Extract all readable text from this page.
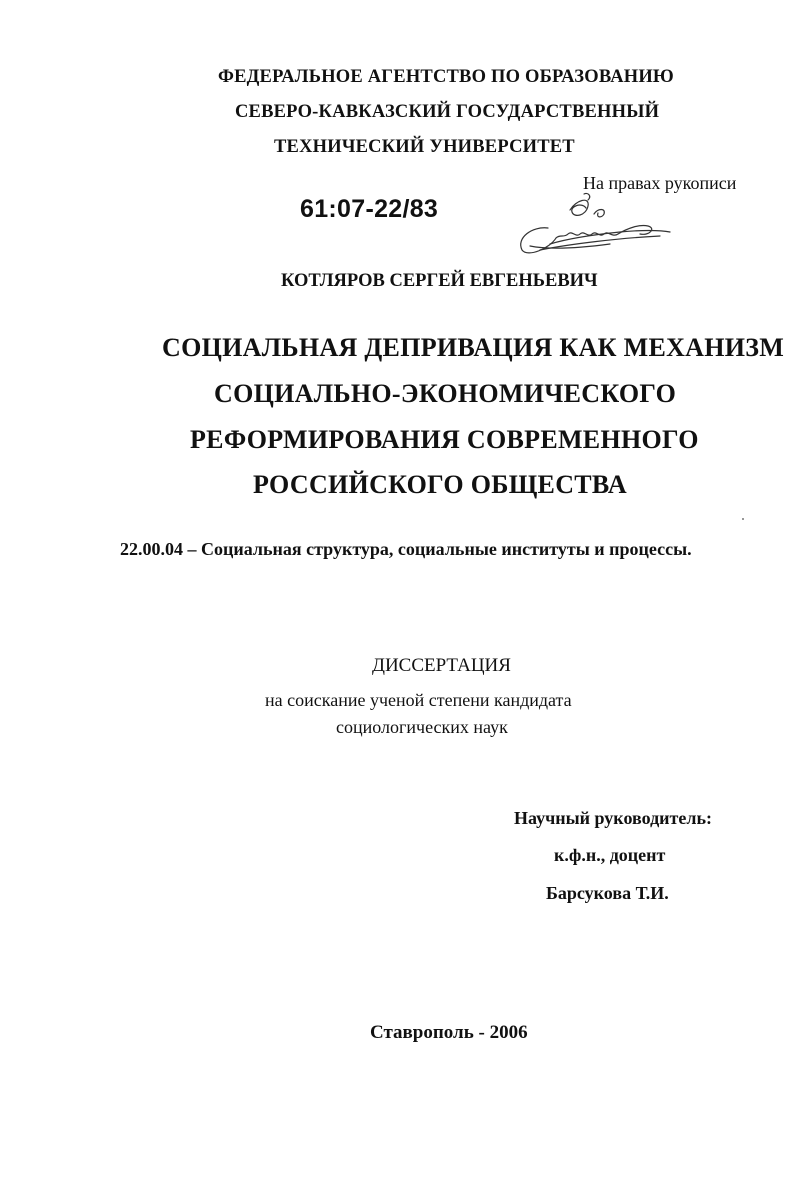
ФЕДЕРАЛЬНОЕ АГЕНТСТВО ПО ОБРАЗОВАНИЮ
СЕВЕРО-КАВКАЗСКИЙ ГОСУДАРСТВЕННЫЙ
ТЕХНИЧЕСКИЙ УНИВЕРСИТЕТ
На правах рукописи
61:07-22/83
КОТЛЯРОВ СЕРГЕЙ ЕВГЕНЬЕВИЧ
СОЦИАЛЬНАЯ ДЕПРИВАЦИЯ КАК МЕХАНИЗМ
СОЦИАЛЬНО-ЭКОНОМИЧЕСКОГО
РЕФОРМИРОВАНИЯ СОВРЕМЕННОГО
РОССИЙСКОГО ОБЩЕСТВА
22.00.04 – Социальная структура, социальные институты и процессы.
ДИССЕРТАЦИЯ
на соискание ученой степени кандидата
социологических наук
Научный руководитель:
к.ф.н., доцент
Барсукова Т.И.
Ставрополь - 2006
